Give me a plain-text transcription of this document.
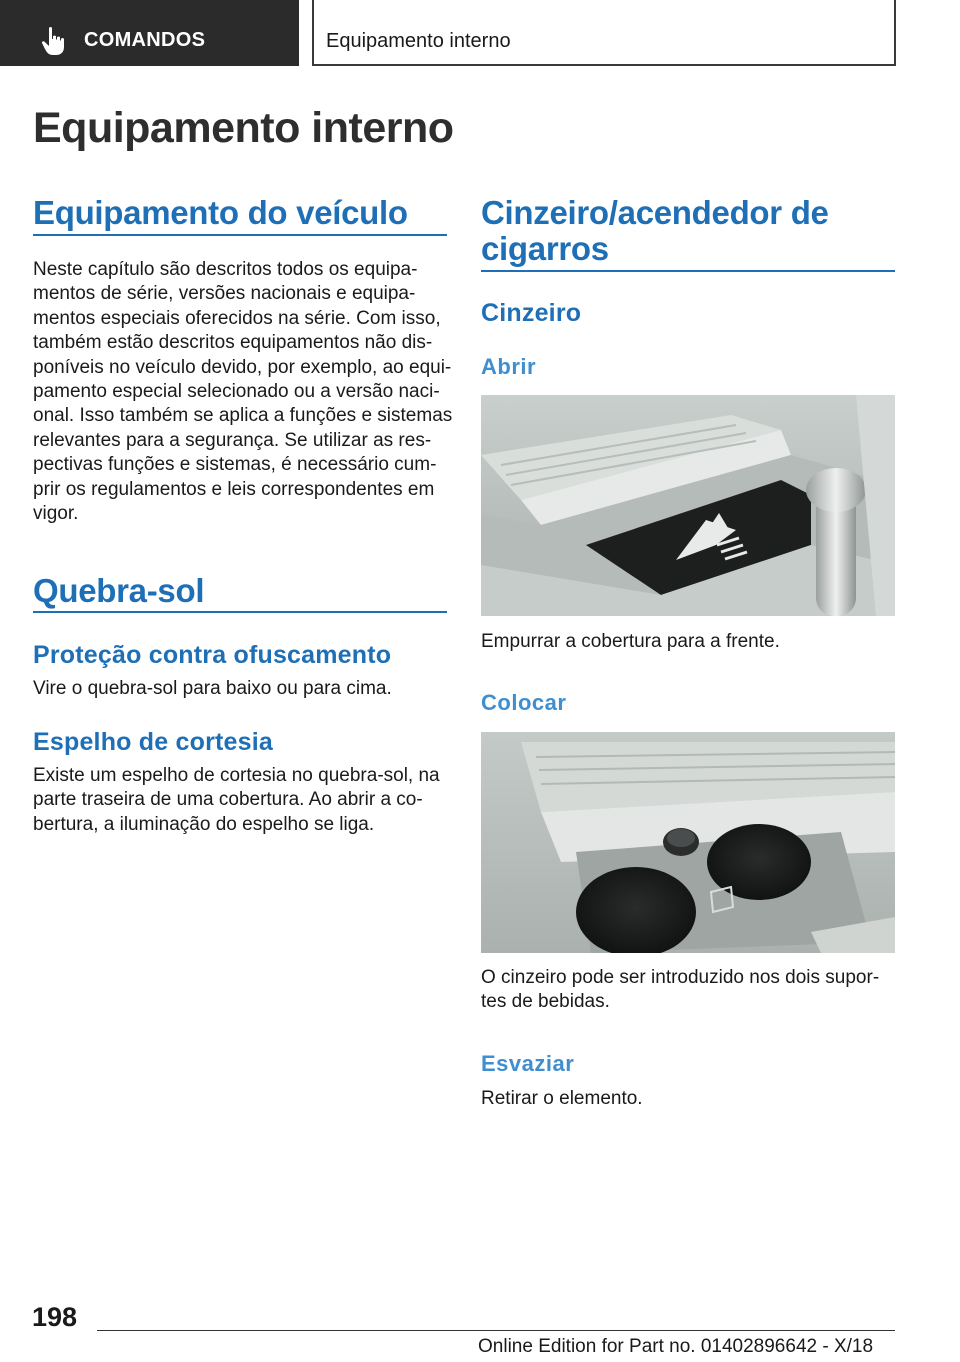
COMANDOS	Equipamento interno
Equipamento interno
Equipamento do veículo
Neste capítulo são descritos todos os equipa-
mentos de série, versões nacionais e equipa-
mentos especiais oferecidos na série. Com isso,
também estão descritos equipamentos não dis-
poníveis no veículo devido, por exemplo, ao equi-
pamento especial selecionado ou a versão naci-
onal. Isso também se aplica a funções e sistemas
relevantes para a segurança. Se utilizar as res-
pectivas funções e sistemas, é necessário cum-
prir os regulamentos e leis correspondentes em
vigor.
Quebra-sol
Proteção contra ofuscamento
Vire o quebra-sol para baixo ou para cima.
Espelho de cortesia
Existe um espelho de cortesia no quebra-sol, na
parte traseira de uma cobertura. Ao abrir a co-
bertura, a iluminação do espelho se liga.
Cinzeiro/acendedor de
cigarros
Cinzeiro
Abrir
Empurrar a cobertura para a frente.
Colocar
O cinzeiro pode ser introduzido nos dois supor-
tes de bebidas.
Esvaziar
Retirar o elemento.
198
Online Edition for Part no. 01402896642 - X/18
